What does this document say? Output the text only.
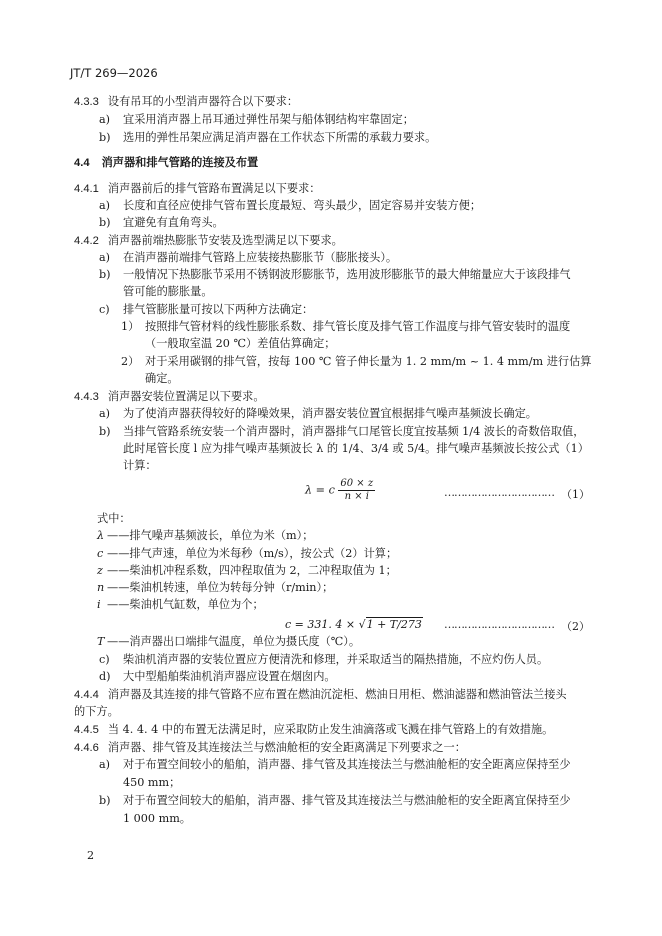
JT/T 269—2026
4.3.3 设有吊耳的小型消声器符合以下要求：
a) 宜采用消声器上吊耳通过弹性吊架与船体钢结构牢靠固定；
b) 选用的弹性吊架应满足消声器在工作状态下所需的承载力要求。
4.4 消声器和排气管路的连接及布置
4.4.1 消声器前后的排气管路布置满足以下要求：
a) 长度和直径应使排气管布置长度最短、弯头最少，固定容易并安装方便；
b) 宜避免有直角弯头。
4.4.2 消声器前端热膨胀节安装及选型满足以下要求。
a) 在消声器前端排气管路上应装接热膨胀节（膨胀接头）。
b) 一般情况下热膨胀节采用不锈钢波形膨胀节，选用波形膨胀节的最大伸缩量应大于该段排气
管可能的膨胀量。
c) 排气管膨胀量可按以下两种方法确定：
1） 按照排气管材料的线性膨胀系数、排气管长度及排气管工作温度与排气管安装时的温度
（一般取室温 20 ℃）差值估算确定；
2） 对于采用碳钢的排气管，按每 100 ℃ 管子伸长量为 1. 2 mm/m ~ 1. 4 mm/m 进行估算
确定。
4.4.3 消声器安装位置满足以下要求。
a) 为了使消声器获得较好的降噪效果，消声器安装位置宜根据排气噪声基频波长确定。
b) 当排气管路系统安装一个消声器时，消声器排气口尾管长度宜按基频 1/4 波长的奇数倍取值，
此时尾管长度 l 应为排气噪声基频波长 λ 的 1/4、3/4 或 5/4。排气噪声基频波长按公式（1）
计算：
λ = c $\frac{60 \times z}{n \times i}$	…………………………… （1）
式中：
λ ——排气噪声基频波长，单位为米（m）；
c ——排气声速，单位为米每秒（m/s），按公式（2）计算；
z ——柴油机冲程系数，四冲程取值为 2，二冲程取值为 1；
n ——柴油机转速，单位为转每分钟（r/min）；
i ——柴油机气缸数，单位为个；
c = 331. 4 × √1 + T/273 …………………………… （2）
T ——消声器出口端排气温度，单位为摄氏度（℃）。
c) 柴油机消声器的安装位置应方便清洗和修理，并采取适当的隔热措施，不应灼伤人员。
d) 大中型船舶柴油机消声器应设置在烟囱内。
4.4.4 消声器及其连接的排气管路不应布置在燃油沉淀柜、燃油日用柜、燃油滤器和燃油管法兰接头
的下方。
4.4.5 当 4. 4. 4 中的布置无法满足时，应采取防止发生油滴落或飞溅在排气管路上的有效措施。
4.4.6 消声器、排气管及其连接法兰与燃油舱柜的安全距离满足下列要求之一：
a) 对于布置空间较小的船舶，消声器、排气管及其连接法兰与燃油舱柜的安全距离应保持至少
450 mm；
b) 对于布置空间较大的船舶，消声器、排气管及其连接法兰与燃油舱柜的安全距离宜保持至少
1 000 mm。
2
